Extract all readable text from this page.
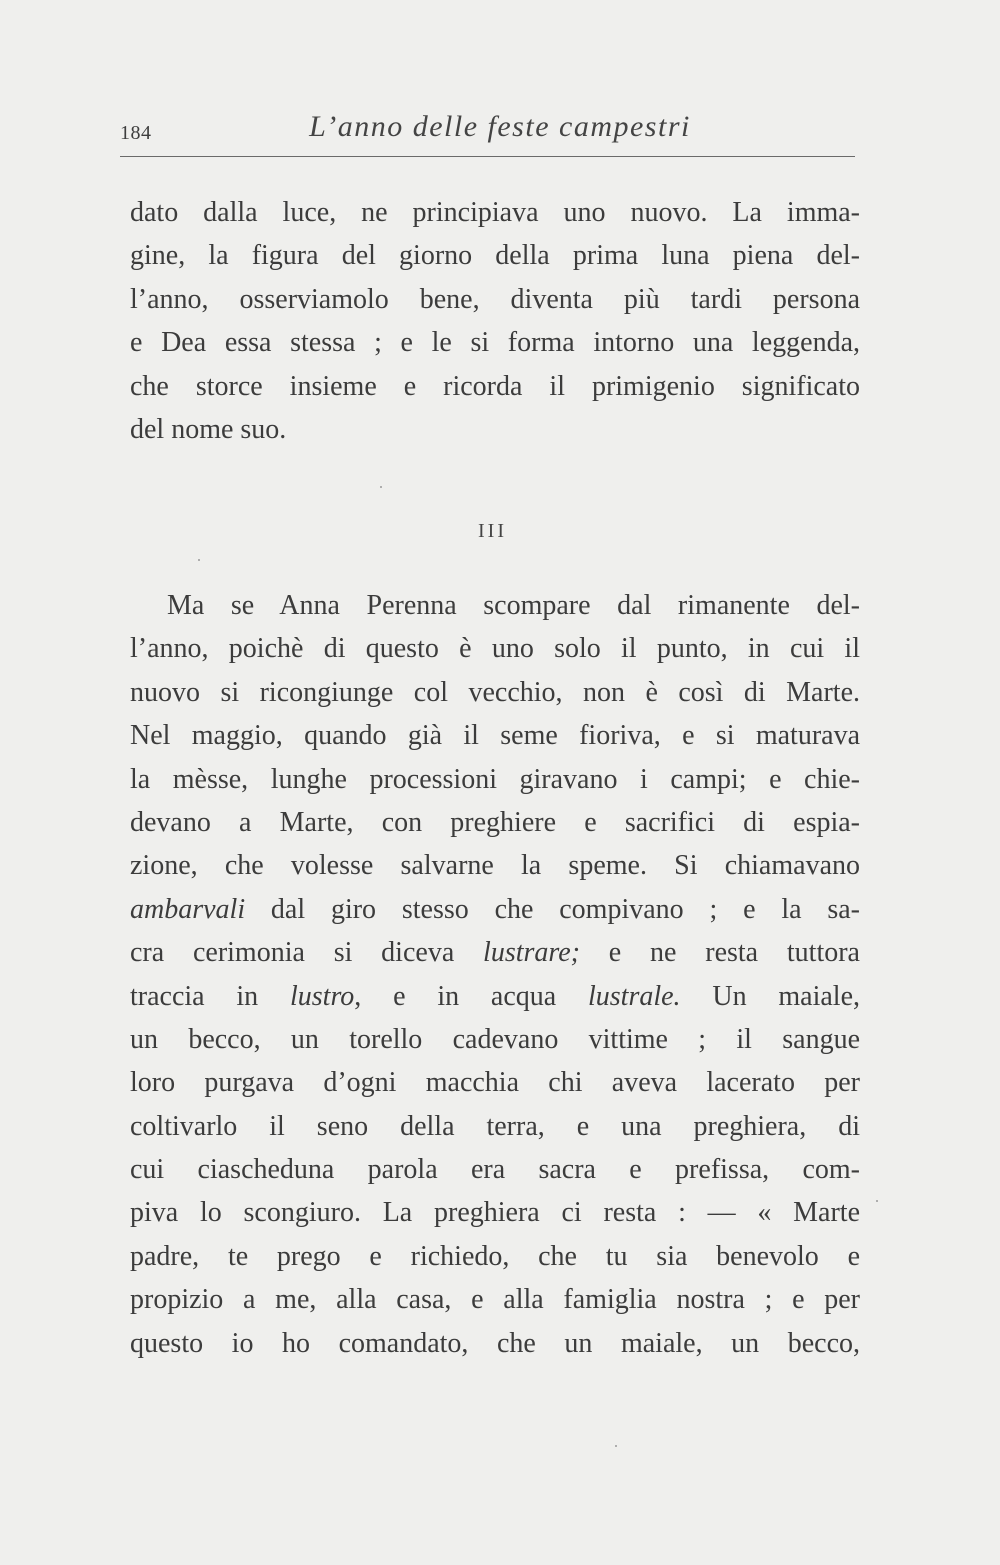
184	L’anno delle feste campestri
dato dalla luce, ne principiava uno nuovo. La imma-
gine, la figura del giorno della prima luna piena del-
l’anno, osserviamolo bene, diventa più tardi persona
e Dea essa stessa ; e le si forma intorno una leggenda,
che storce insieme e ricorda il primigenio significato
del nome suo.
III
Ma se Anna Perenna scompare dal rimanente del-
l’anno, poichè di questo è uno solo il punto, in cui il
nuovo si ricongiunge col vecchio, non è così di Marte.
Nel maggio, quando già il seme fioriva, e si maturava
la mèsse, lunghe processioni giravano i campi; e chie-
devano a Marte, con preghiere e sacrifici di espia-
zione, che volesse salvarne la speme. Si chiamavano
ambarvali dal giro stesso che compivano ; e la sa-
cra cerimonia si diceva lustrare; e ne resta tuttora
traccia in lustro, e in acqua lustrale. Un maiale,
un becco, un torello cadevano vittime ; il sangue
loro purgava d’ogni macchia chi aveva lacerato per
coltivarlo il seno della terra, e una preghiera, di
cui ciascheduna parola era sacra e prefissa, com-
piva lo scongiuro. La preghiera ci resta : — « Marte
padre, te prego e richiedo, che tu sia benevolo e
propizio a me, alla casa, e alla famiglia nostra ; e per
questo io ho comandato, che un maiale, un becco,
